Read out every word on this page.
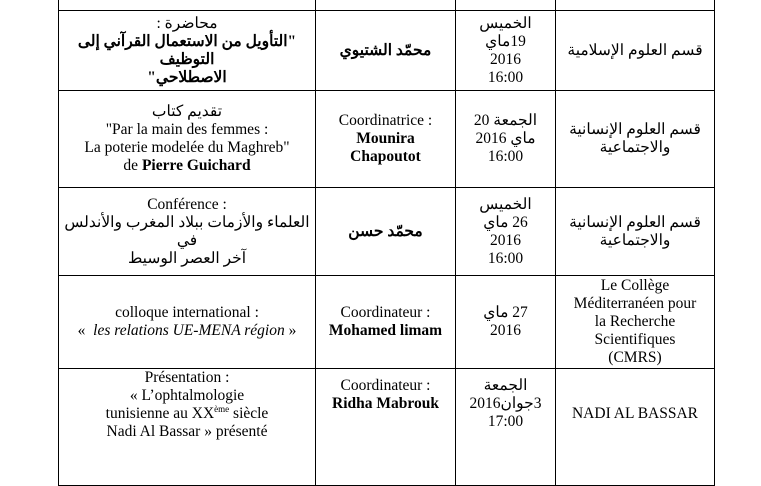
محاضرة :
"التأويل من الاستعمال القرآني إلى التوظيف
الاصطلاحي"	محمّد الشتيوي	الخميس
19ماي
2016
16:00	قسم العلوم الإسلامية

تقديم كتاب
"Par la main des femmes :
La poterie modelée du Maghreb"
de Pierre Guichard	Coordinatrice :
Mounira
Chapoutot	الجمعة 20
ماي 2016
16:00	قسم العلوم الإنسانية
والاجتماعية

Conférence :
العلماء والأزمات ببلاد المغرب والأندلس في
آخر العصر الوسيط	محمّد حسن	الخميس
26 ماي
2016
16:00	قسم العلوم الإنسانية
والاجتماعية

colloque international :
« les relations UE-MENA région »	Coordinateur :
Mohamed limam	27 ماي
2016	Le Collège
Méditerranéen pour
la Recherche
Scientifiques
(CMRS)

Présentation :
« L’ophtalmologie
tunisienne au XXème siècle
Nadi Al Bassar » présenté	Coordinateur :
Ridha Mabrouk	الجمعة
3جوان2016
17:00	NADI AL BASSAR
